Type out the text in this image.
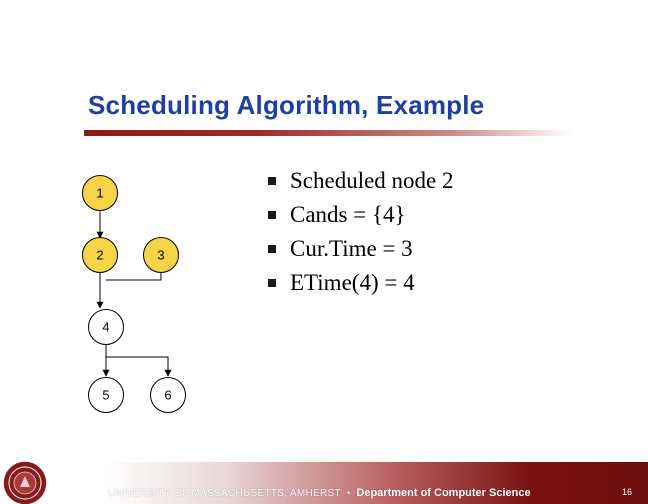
Scheduling Algorithm, Example
1
2	3
4
5	6
Scheduled node 2
Cands = {4}
Cur.Time = 3
ETime(4) = 4
UNIVERSITY OF MASSACHUSETTS, AMHERST • Department of Computer Science	16
